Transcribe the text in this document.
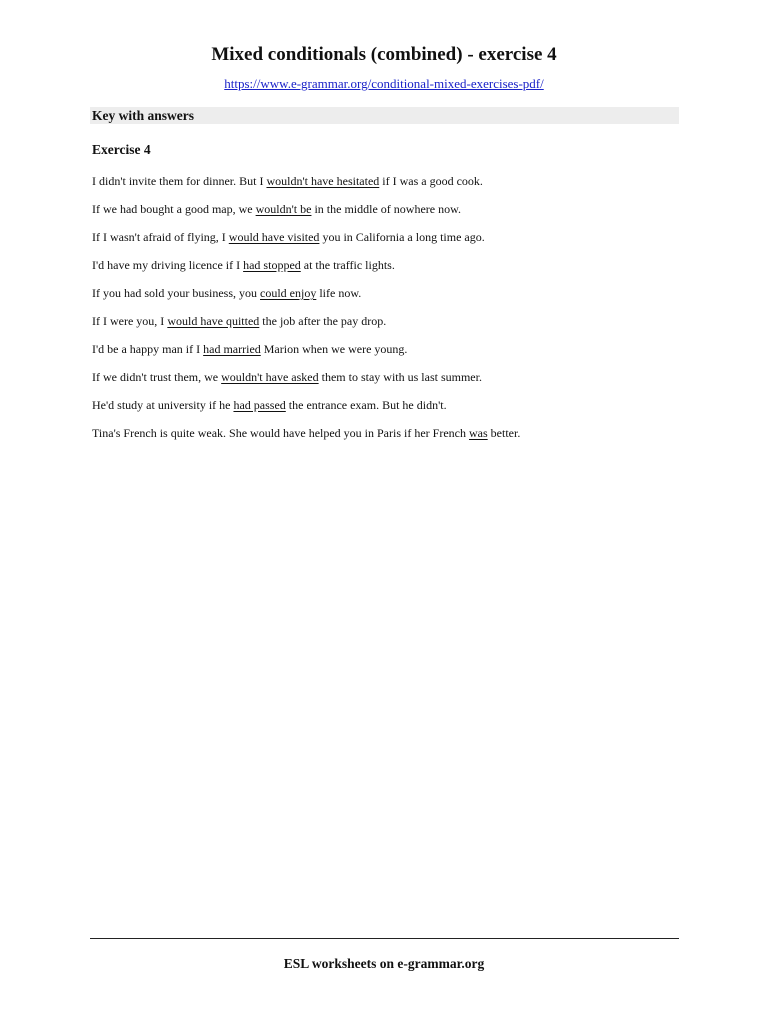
Mixed conditionals (combined) - exercise 4
https://www.e-grammar.org/conditional-mixed-exercises-pdf/
Key with answers
Exercise 4
I didn't invite them for dinner. But I wouldn't have hesitated if I was a good cook.
If we had bought a good map, we wouldn't be in the middle of nowhere now.
If I wasn't afraid of flying, I would have visited you in California a long time ago.
I'd have my driving licence if I had stopped at the traffic lights.
If you had sold your business, you could enjoy life now.
If I were you, I would have quitted the job after the pay drop.
I'd be a happy man if I had married Marion when we were young.
If we didn't trust them, we wouldn't have asked them to stay with us last summer.
He'd study at university if he had passed the entrance exam. But he didn't.
Tina's French is quite weak. She would have helped you in Paris if her French was better.
ESL worksheets on e-grammar.org
